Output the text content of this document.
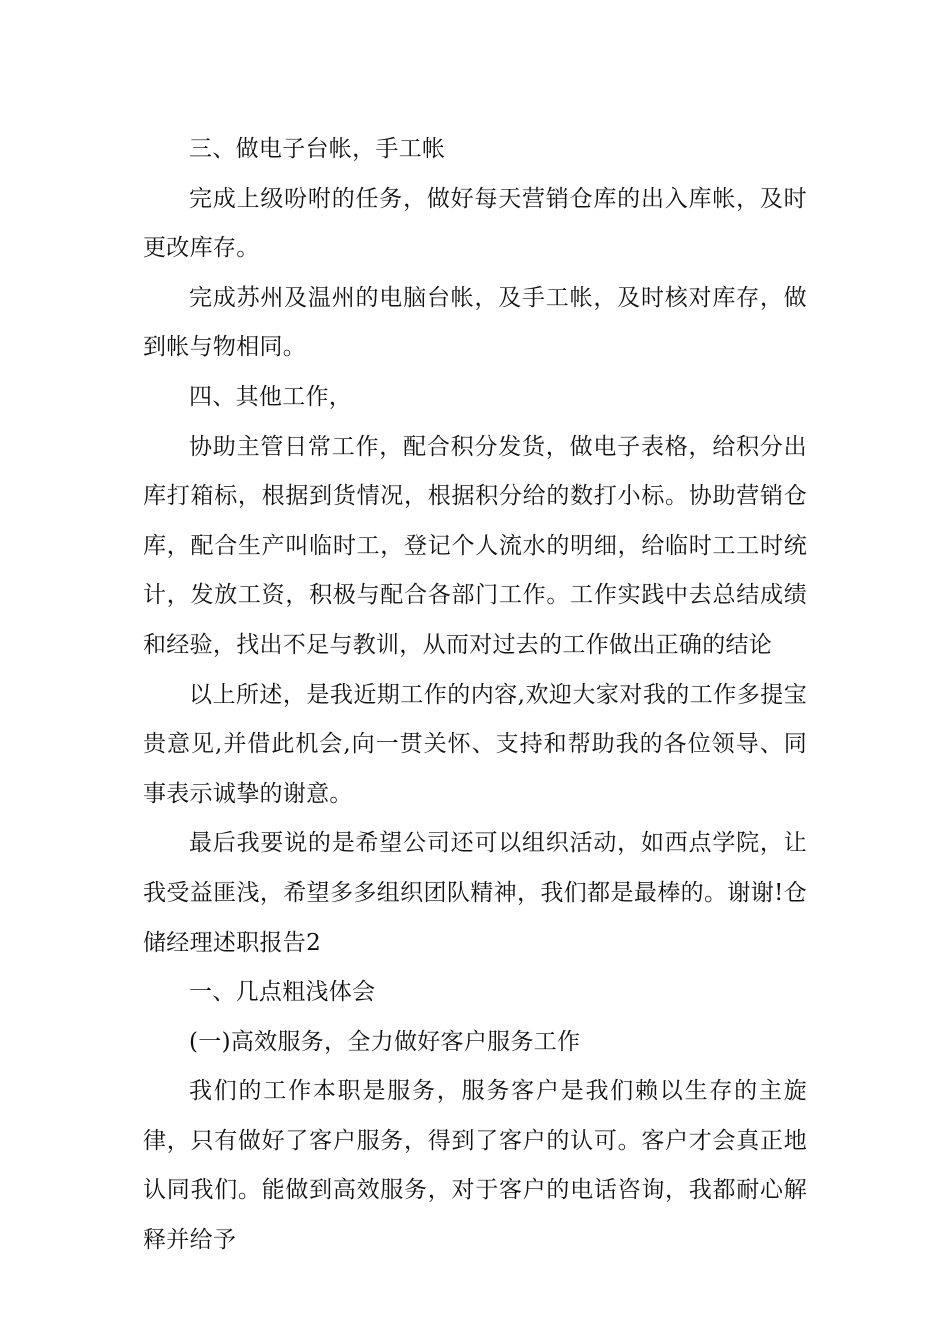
三、做电子台帐，手工帐

完成上级吩咐的任务，做好每天营销仓库的出入库帐，及时更改库存。

完成苏州及温州的电脑台帐，及手工帐，及时核对库存，做到帐与物相同。

四、其他工作，

协助主管日常工作，配合积分发货，做电子表格，给积分出库打箱标，根据到货情况，根据积分给的数打小标。协助营销仓库，配合生产叫临时工，登记个人流水的明细，给临时工工时统计，发放工资，积极与配合各部门工作。工作实践中去总结成绩和经验，找出不足与教训，从而对过去的工作做出正确的结论

以上所述，是我近期工作的内容,欢迎大家对我的工作多提宝贵意见,并借此机会,向一贯关怀、支持和帮助我的各位领导、同事表示诚挚的谢意。

最后我要说的是希望公司还可以组织活动，如西点学院，让我受益匪浅，希望多多组织团队精神，我们都是最棒的。谢谢!仓储经理述职报告2

一、几点粗浅体会

(一)高效服务，全力做好客户服务工作

我们的工作本职是服务，服务客户是我们赖以生存的主旋律，只有做好了客户服务，得到了客户的认可。客户才会真正地认同我们。能做到高效服务，对于客户的电话咨询，我都耐心解释并给予
